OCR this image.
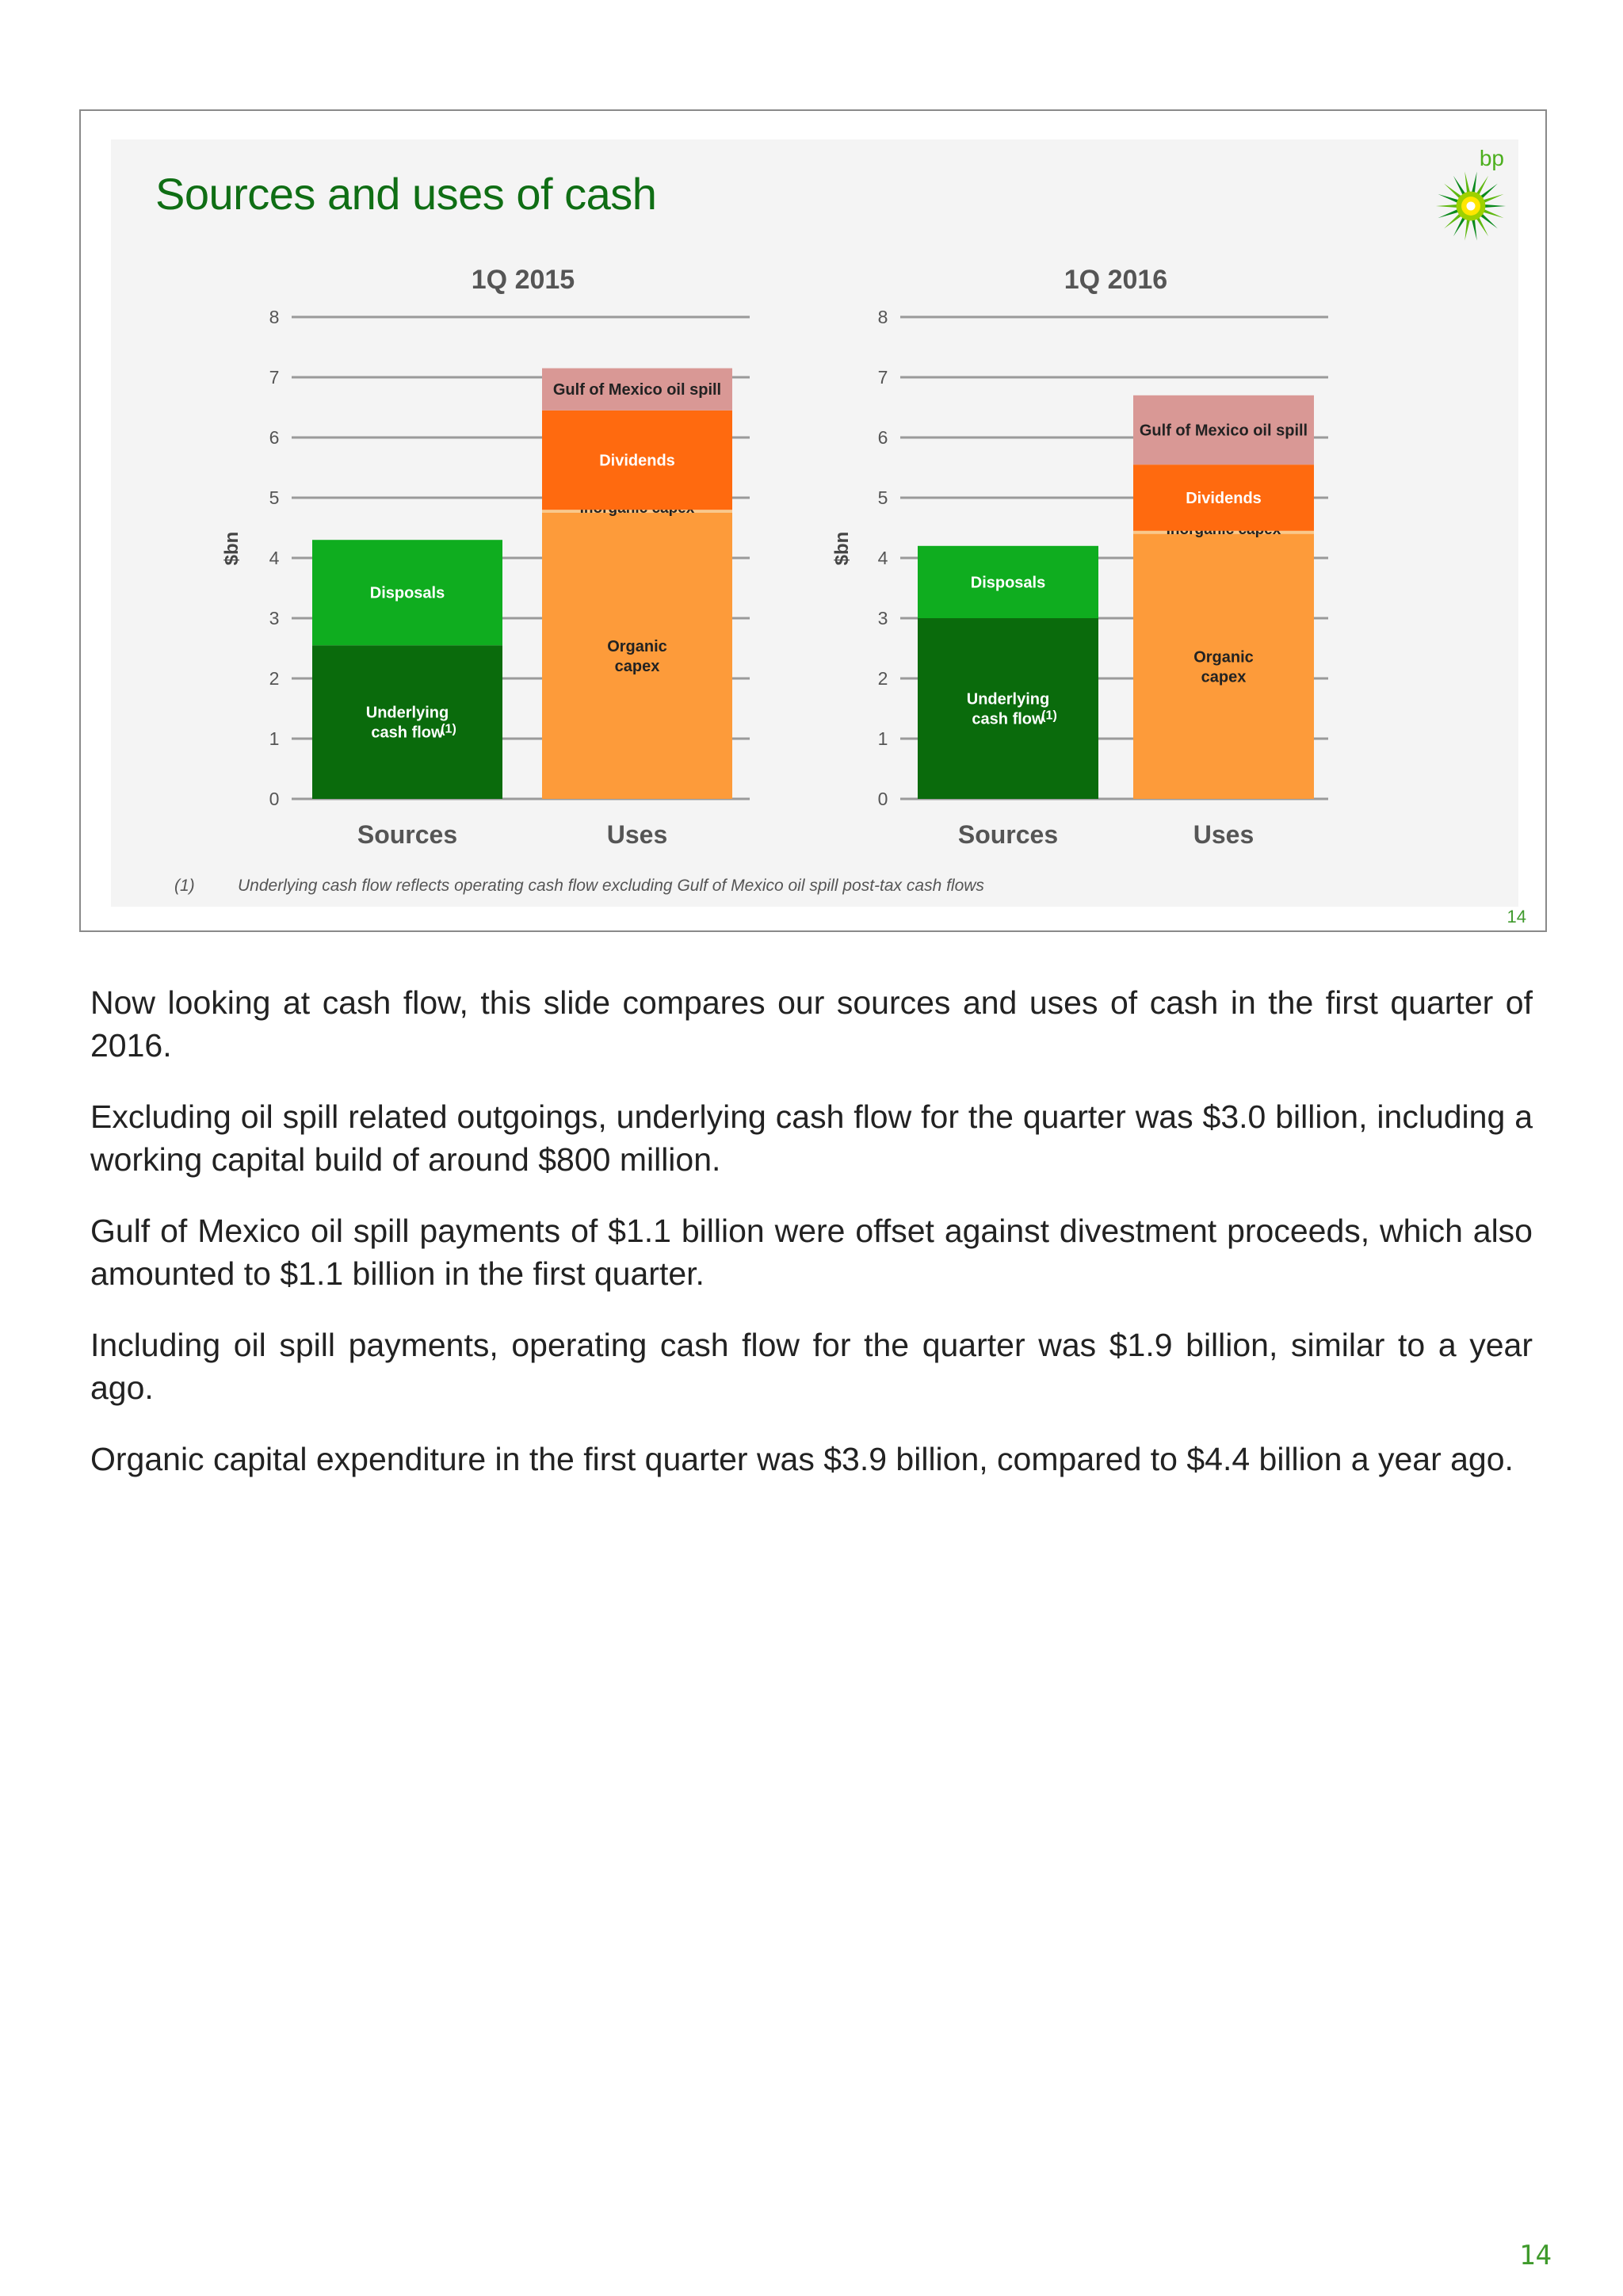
Sources and uses of cash
bp
0
1
2
3
4
5
6
7
8
$bn
1Q 2015
Underlying
cash flow
(1)
Disposals
Sources
Organic
capex
Dividends
Gulf of Mexico oil spill
Uses
0
1
2
3
4
5
6
7
8
$bn
1Q 2016
Underlying
cash flow
(1)
Disposals
Sources
Organic
capex
Dividends
Gulf of Mexico oil spill
Uses
(1)	Underlying cash flow reflects operating cash flow excluding Gulf of Mexico oil spill post-tax cash flows
14

Now looking at cash flow, this slide compares our sources and uses of cash in the first quarter of 2016.

Excluding oil spill related outgoings, underlying cash flow for the quarter was $3.0 billion, including a working capital build of around $800 million.

Gulf of Mexico oil spill payments of $1.1 billion were offset against divestment proceeds, which also amounted to $1.1 billion in the first quarter.

Including oil spill payments, operating cash flow for the quarter was $1.9 billion, similar to a year ago.

Organic capital expenditure in the first quarter was $3.9 billion, compared to $4.4 billion a year ago.

14
